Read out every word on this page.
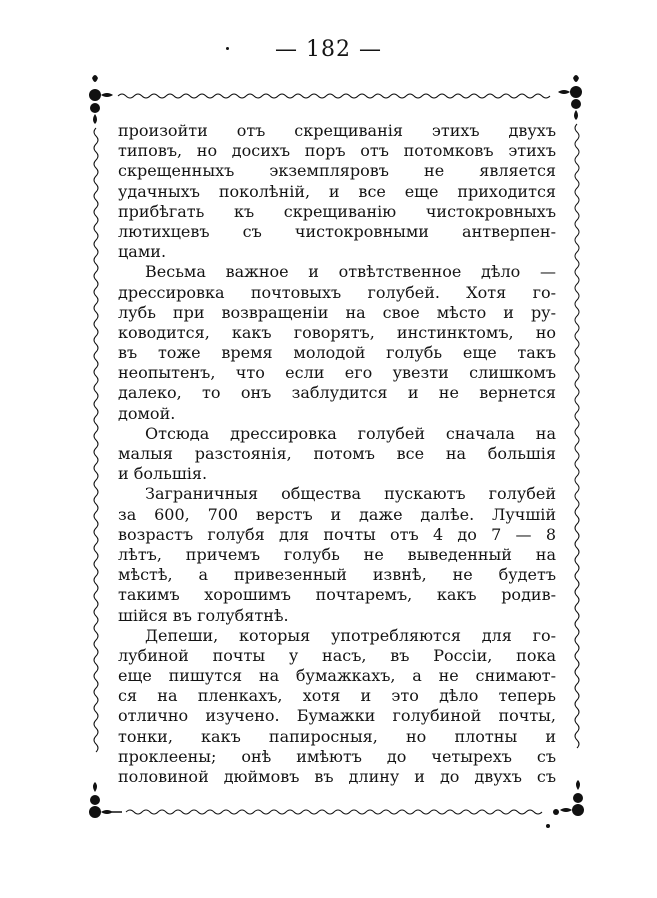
— 182 —
произойти отъ скрещиванія этихъ двухъ
типовъ, но досихъ поръ отъ потомковъ этихъ
скрещенныхъ экземпляровъ не является
удачныхъ поколѣній, и все еще приходится
прибѣгать къ скрещиванію чистокровныхъ
лютихцевъ съ чистокровными антверпен-
цами.
Весьма важное и отвѣтственное дѣло —
дрессировка почтовыхъ голубей. Хотя го-
лубь при возвращеніи на свое мѣсто и ру-
ководится, какъ говорятъ, инстинктомъ, но
въ тоже время молодой голубь еще такъ
неопытенъ, что если его увезти слишкомъ
далеко, то онъ заблудится и не вернется
домой.
Отсюда дрессировка голубей сначала на
малыя разстоянія, потомъ все на большія
и большія.
Заграничныя общества пускаютъ голубей
за 600, 700 верстъ и даже далѣе. Лучшій
возрастъ голубя для почты отъ 4 до 7 — 8
лѣтъ, причемъ голубь не выведенный на
мѣстѣ, а привезенный извнѣ, не будетъ
такимъ хорошимъ почтаремъ, какъ родив-
шійся въ голубятнѣ.
Депеши, которыя употребляются для го-
лубиной почты у насъ, въ Россіи, пока
еще пишутся на бумажкахъ, а не снимают-
ся на пленкахъ, хотя и это дѣло теперь
отлично изучено. Бумажки голубиной почты,
тонки, какъ папиросныя, но плотны и
проклеены; онѣ имѣютъ до четырехъ съ
половиной дюймовъ въ длину и до двухъ съ
